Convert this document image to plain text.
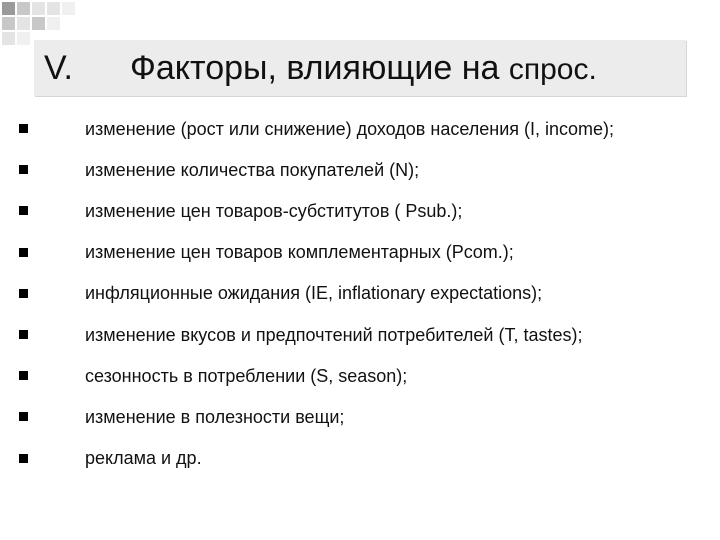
V. Факторы, влияющие на спрос.
изменение (рост или снижение) доходов населения (I, income);
изменение количества покупателей (N);
изменение цен товаров-субститутов ( Psub.);
изменение цен товаров комплементарных (Pcom.);
инфляционные ожидания (IE, inflationary expectations);
изменение вкусов и предпочтений потребителей (T, tastes);
сезонность в потреблении (S, season);
изменение в полезности вещи;
реклама и др.
